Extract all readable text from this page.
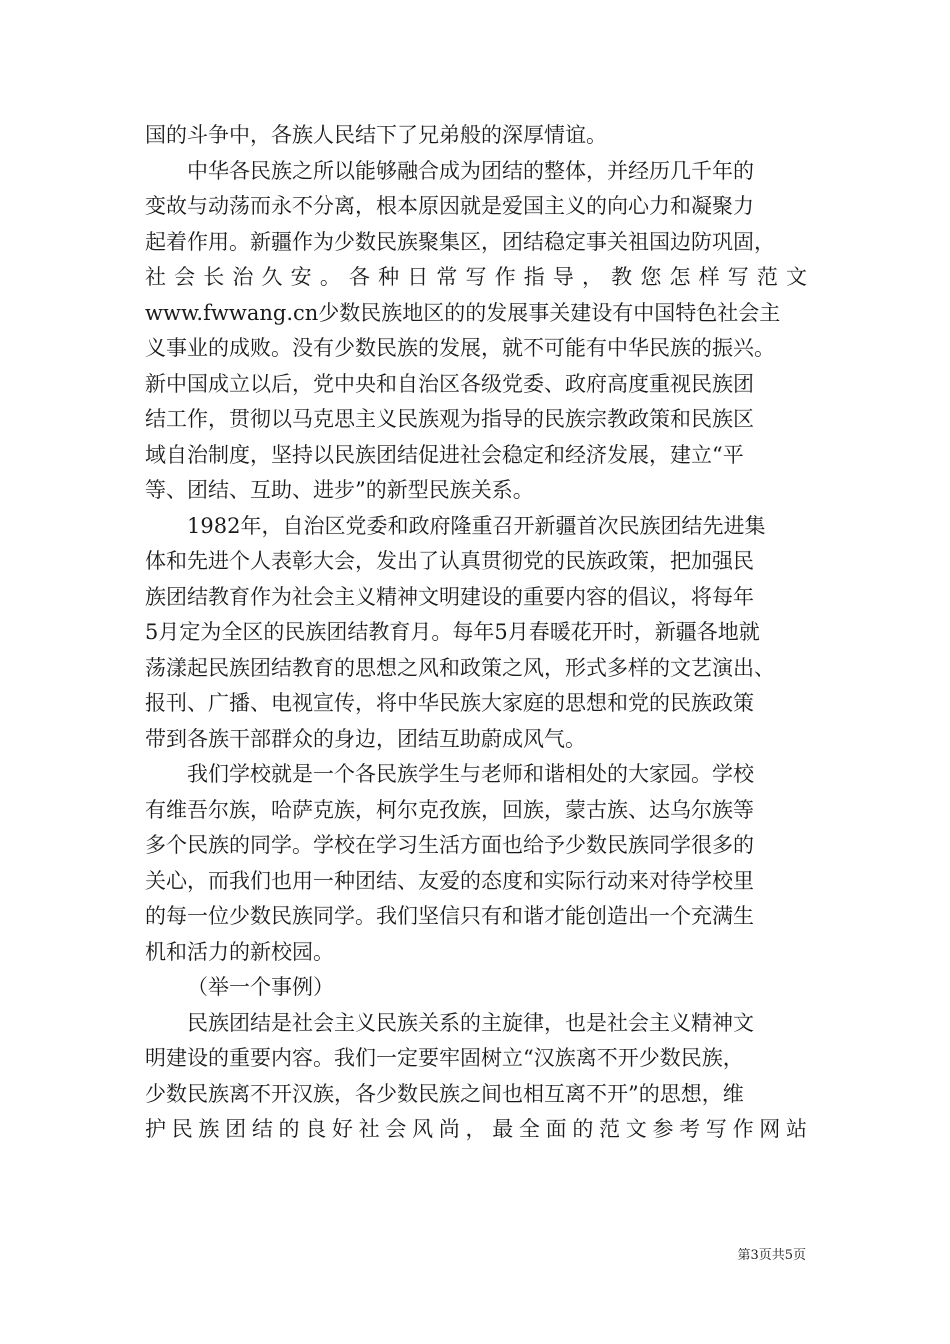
国的斗争中，各族人民结下了兄弟般的深厚情谊。
中华各民族之所以能够融合成为团结的整体，并经历几千年的
变故与动荡而永不分离，根本原因就是爱国主义的向心力和凝聚力
起着作用。新疆作为少数民族聚集区，团结稳定事关祖国边防巩固，
社会长治久安。各种日常写作指导，教您怎样写范文
www.fwwang.cn少数民族地区的的发展事关建设有中国特色社会主
义事业的成败。没有少数民族的发展，就不可能有中华民族的振兴。
新中国成立以后，党中央和自治区各级党委、政府高度重视民族团
结工作，贯彻以马克思主义民族观为指导的民族宗教政策和民族区
域自治制度，坚持以民族团结促进社会稳定和经济发展，建立“平
等、团结、互助、进步”的新型民族关系。
1982年，自治区党委和政府隆重召开新疆首次民族团结先进集
体和先进个人表彰大会，发出了认真贯彻党的民族政策，把加强民
族团结教育作为社会主义精神文明建设的重要内容的倡议，将每年
5月定为全区的民族团结教育月。每年5月春暖花开时，新疆各地就
荡漾起民族团结教育的思想之风和政策之风，形式多样的文艺演出、
报刊、广播、电视宣传，将中华民族大家庭的思想和党的民族政策
带到各族干部群众的身边，团结互助蔚成风气。
我们学校就是一个各民族学生与老师和谐相处的大家园。学校
有维吾尔族，哈萨克族，柯尔克孜族，回族，蒙古族、达乌尔族等
多个民族的同学。学校在学习生活方面也给予少数民族同学很多的
关心，而我们也用一种团结、友爱的态度和实际行动来对待学校里
的每一位少数民族同学。我们坚信只有和谐才能创造出一个充满生
机和活力的新校园。
（举一个事例）
民族团结是社会主义民族关系的主旋律，也是社会主义精神文
明建设的重要内容。我们一定要牢固树立“汉族离不开少数民族，
少数民族离不开汉族，各少数民族之间也相互离不开”的思想，维
护民族团结的良好社会风尚，最全面的范文参考写作网站
第3页共5页
